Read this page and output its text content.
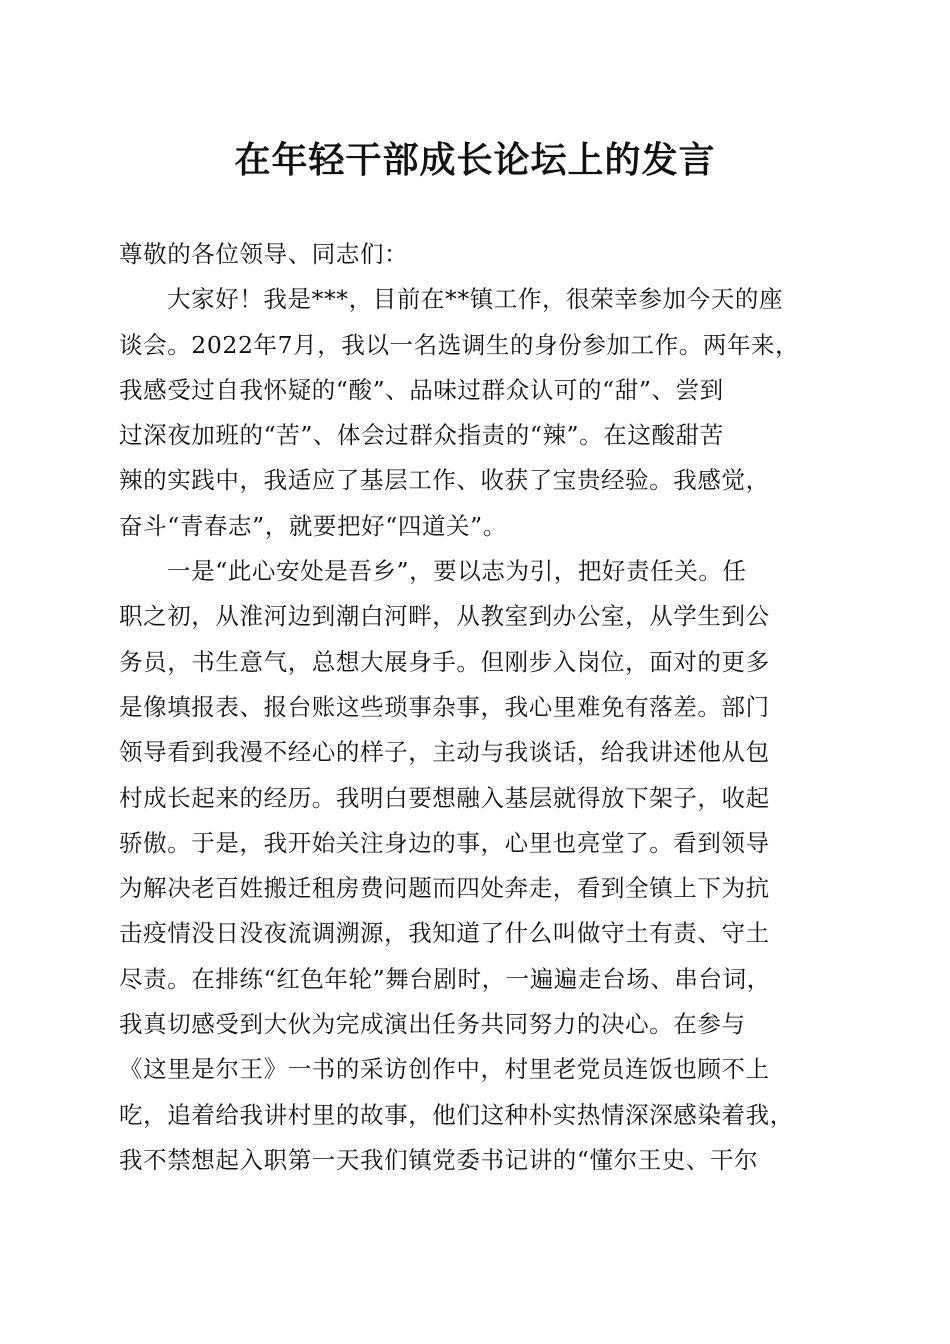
在年轻干部成长论坛上的发言
尊敬的各位领导、同志们：
大家好！我是***，目前在**镇工作，很荣幸参加今天的座
谈会。2022年7月，我以一名选调生的身份参加工作。两年来，
我感受过自我怀疑的“酸”、品味过群众认可的“甜”、尝到
过深夜加班的“苦”、体会过群众指责的“辣”。在这酸甜苦
辣的实践中，我适应了基层工作、收获了宝贵经验。我感觉，
奋斗“青春志”，就要把好“四道关”。
一是“此心安处是吾乡”，要以志为引，把好责任关。任
职之初，从淮河边到潮白河畔，从教室到办公室，从学生到公
务员，书生意气，总想大展身手。但刚步入岗位，面对的更多
是像填报表、报台账这些琐事杂事，我心里难免有落差。部门
领导看到我漫不经心的样子，主动与我谈话，给我讲述他从包
村成长起来的经历。我明白要想融入基层就得放下架子，收起
骄傲。于是，我开始关注身边的事，心里也亮堂了。看到领导
为解决老百姓搬迁租房费问题而四处奔走，看到全镇上下为抗
击疫情没日没夜流调溯源，我知道了什么叫做守土有责、守土
尽责。在排练“红色年轮”舞台剧时，一遍遍走台场、串台词，
我真切感受到大伙为完成演出任务共同努力的决心。在参与
《这里是尔王》一书的采访创作中，村里老党员连饭也顾不上
吃，追着给我讲村里的故事，他们这种朴实热情深深感染着我，
我不禁想起入职第一天我们镇党委书记讲的“懂尔王史、干尔
